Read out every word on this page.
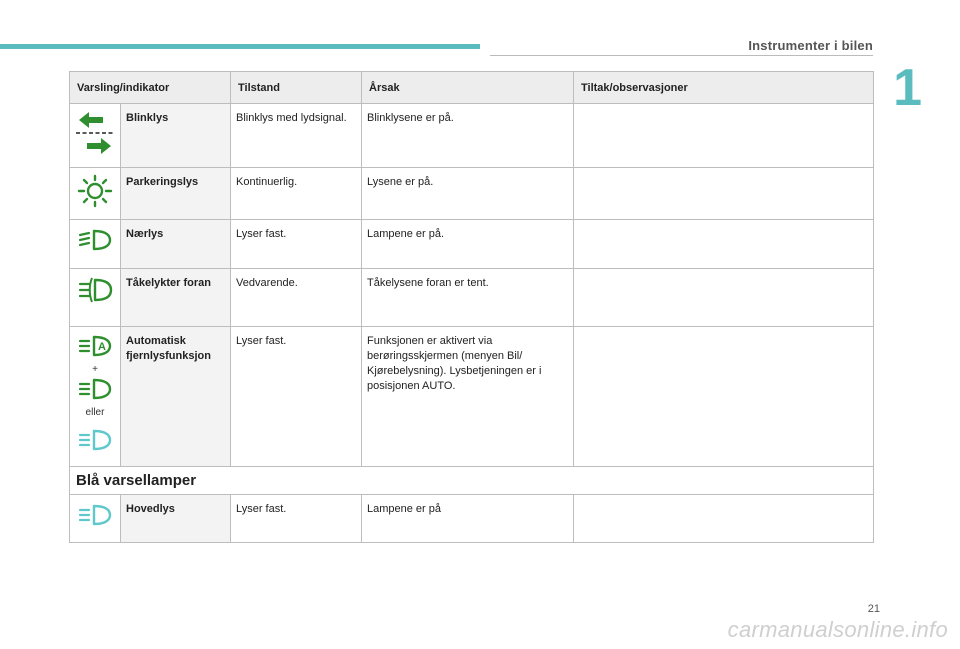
Instrumenter i bilen
1
Varsling/indikator		Tilstand	Årsak	Tiltak/observasjoner
	Blinklys	Blinklys med lydsignal.	Blinklysene er på.	
	Parkeringslys	Kontinuerlig.	Lysene er på.	
	Nærlys	Lyser fast.	Lampene er på.	
	Tåkelykter foran	Vedvarende.	Tåkelysene foran er tent.	

A
+
eller	Automatisk fjernlysfunksjon	Lyser fast.	Funksjonen er aktivert via berøringsskjermen (menyen Bil/ Kjørebelysning). Lysbetjeningen er i posisjonen AUTO.	
Blå varsellamper				
	Hovedlys	Lyser fast.	Lampene er på	
21
carmanualsonline.info
